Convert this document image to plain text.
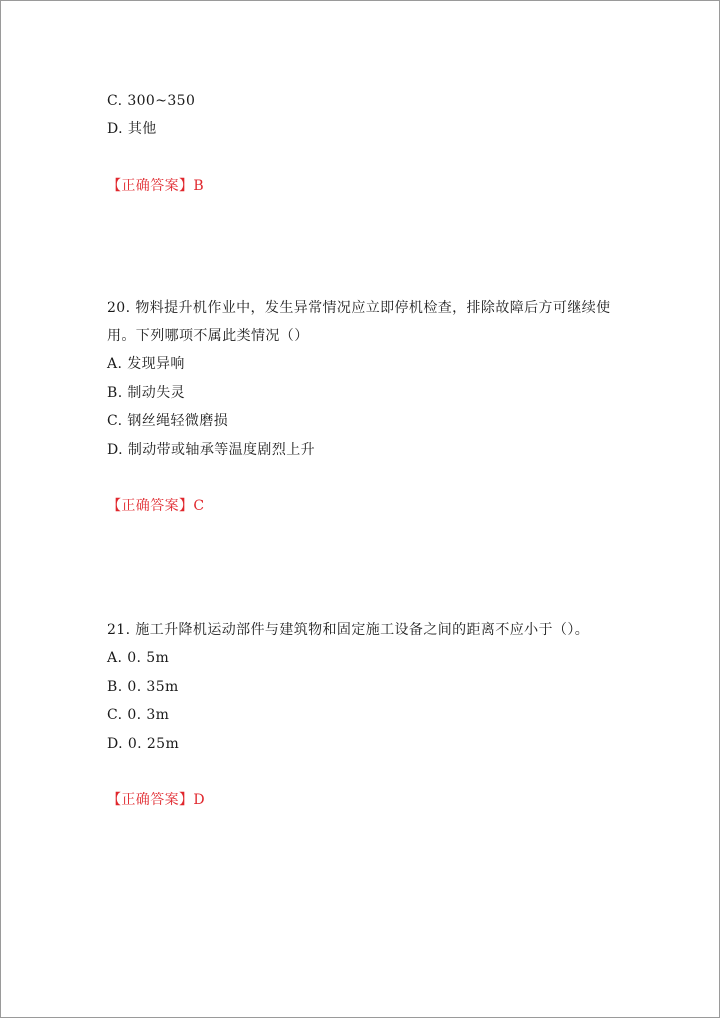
C. 300~350
D. 其他
【正确答案】B
20. 物料提升机作业中，发生异常情况应立即停机检查，排除故障后方可继续使
用。下列哪项不属此类情况（）
A. 发现异响
B. 制动失灵
C. 钢丝绳轻微磨损
D. 制动带或轴承等温度剧烈上升
【正确答案】C
21. 施工升降机运动部件与建筑物和固定施工设备之间的距离不应小于（）。
A. 0. 5m
B. 0. 35m
C. 0. 3m
D. 0. 25m
【正确答案】D
